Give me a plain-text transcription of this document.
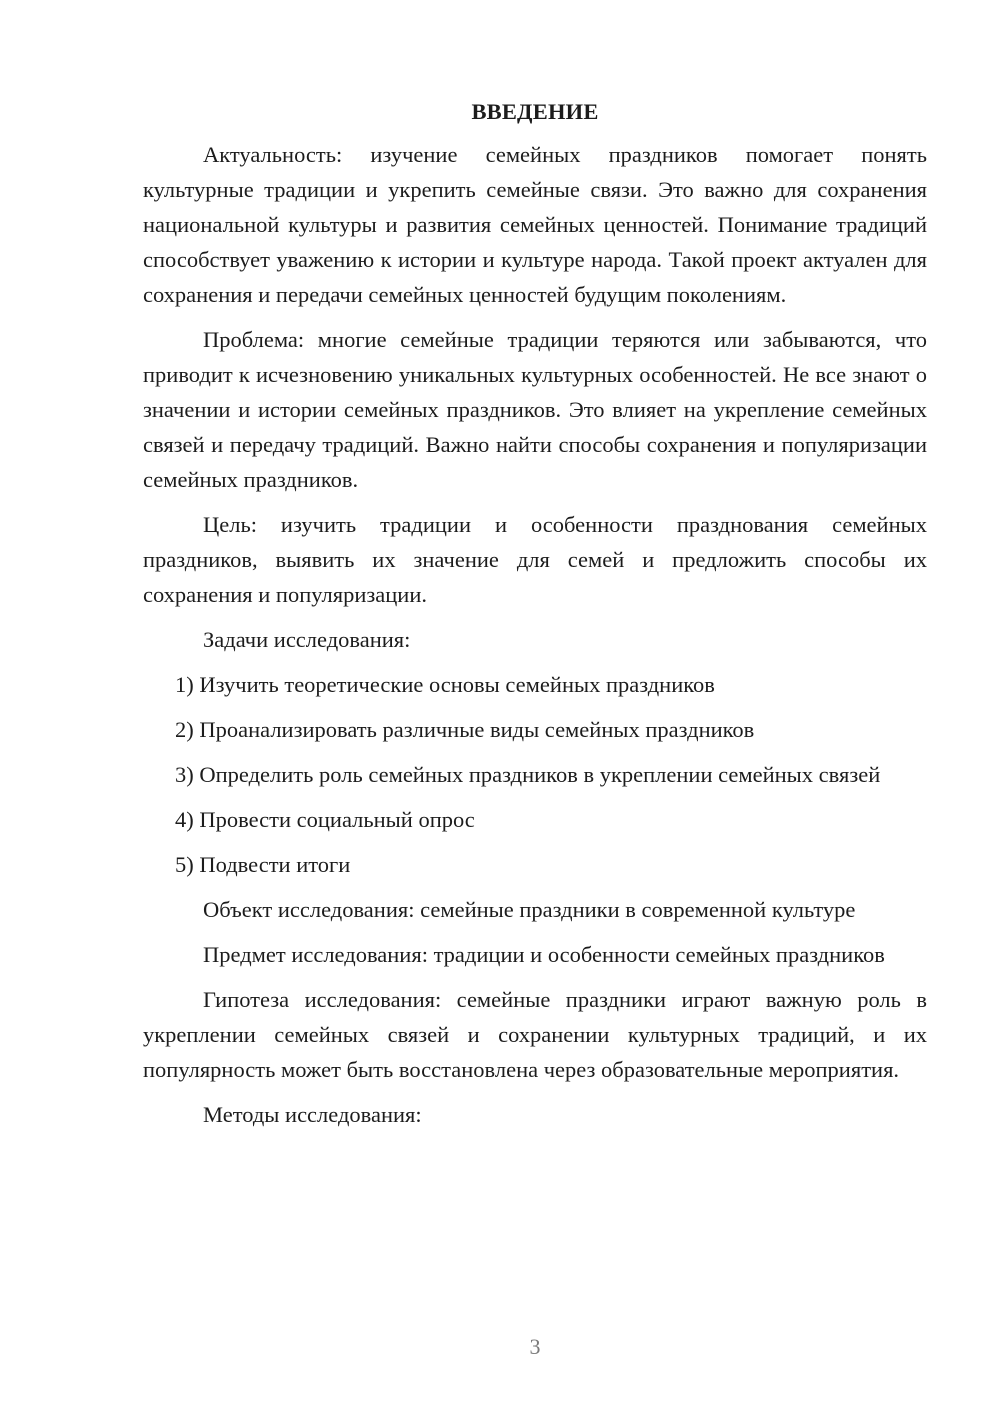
ВВЕДЕНИЕ

Актуальность: изучение семейных праздников помогает понять культурные традиции и укрепить семейные связи. Это важно для сохранения национальной культуры и развития семейных ценностей. Понимание традиций способствует уважению к истории и культуре народа. Такой проект актуален для сохранения и передачи семейных ценностей будущим поколениям.

Проблема: многие семейные традиции теряются или забываются, что приводит к исчезновению уникальных культурных особенностей. Не все знают о значении и истории семейных праздников. Это влияет на укрепление семейных связей и передачу традиций. Важно найти способы сохранения и популяризации семейных праздников.

Цель: изучить традиции и особенности празднования семейных праздников, выявить их значение для семей и предложить способы их сохранения и популяризации.

Задачи исследования:

1) Изучить теоретические основы семейных праздников

2) Проанализировать различные виды семейных праздников

3) Определить роль семейных праздников в укреплении семейных связей

4) Провести социальный опрос

5) Подвести итоги

Объект исследования: семейные праздники в современной культуре

Предмет исследования: традиции и особенности семейных праздников

Гипотеза исследования: семейные праздники играют важную роль в укреплении семейных связей и сохранении культурных традиций, и их популярность может быть восстановлена через образовательные мероприятия.

Методы исследования:

3
